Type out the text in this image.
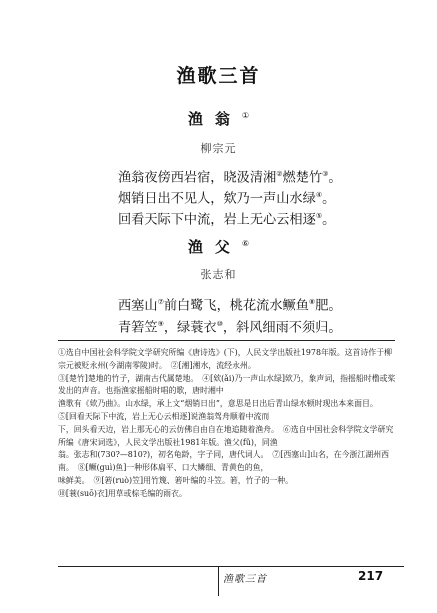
渔歌三首
渔翁①
柳宗元
渔翁夜傍西岩宿，晓汲清湘②燃楚竹③。
烟销日出不见人，欸乃一声山水绿④。
回看天际下中流，岩上无心云相逐⑤。
渔父⑥
张志和
西塞山⑦前白鹭飞，桃花流水鳜鱼⑧肥。
青箬笠⑨，绿蓑衣⑩，斜风细雨不须归。

①选自中国社会科学院文学研究所编《唐诗选》(下)，人民文学出版社1978年版。这首诗作于柳宗元被贬永州(今湖南零陵)时。　②[湘]湘水，流经永州。

③[楚竹]楚地的竹子，湖南古代属楚地。　④[欸(ǎi)乃一声山水绿]欸乃，象声词，指摇船时橹或桨发出的声音。也指渔家摇船时唱的歌，唐时湘中

渔歌有《欸乃曲》。山水绿，承上文“烟销日出”，意思是日出后青山绿水顿时现出本来面目。　⑤[回看天际下中流，岩上无心云相逐]说渔翁驾舟顺着中流而

下，回头看天边，岩上那无心的云仿佛自由自在地追随着渔舟。　⑥选自中国社会科学院文学研究所编《唐宋词选》，人民文学出版社1981年版。渔父(fǔ)，同渔

翁。张志和(730?—810?)，初名龟龄，字子同，唐代词人。　⑦[西塞山]山名，在今浙江湖州西南。　⑧[鳜(guì)鱼]一种形体扁平、口大鳞细、青黄色的鱼，

味鲜美。　⑨[箬(ruò)笠]用竹篾、箬叶编的斗笠。箬，竹子的一种。

⑩[蓑(suō)衣]用草或棕毛编的雨衣。

渔歌三首	217
